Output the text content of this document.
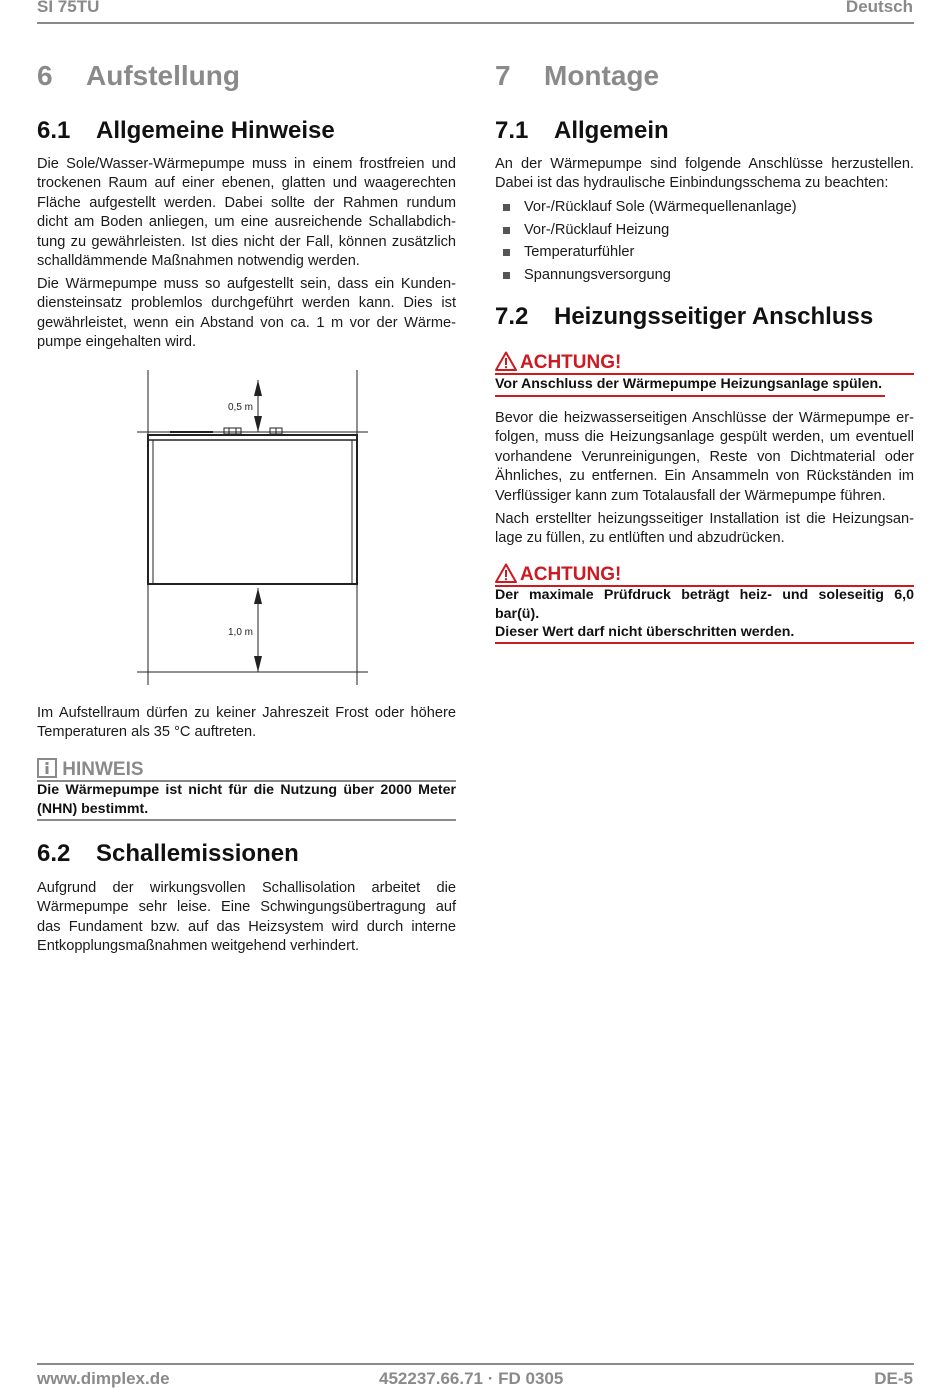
SI 75TU	Deutsch
6 Aufstellung
6.1 Allgemeine Hinweise
Die Sole/Wasser-Wärmepumpe muss in einem frostfreien und
trockenen Raum auf einer ebenen, glatten und waagerechten
Fläche aufgestellt werden. Dabei sollte der Rahmen rundum
dicht am Boden anliegen, um eine ausreichende Schallabdich-
tung zu gewährleisten. Ist dies nicht der Fall, können zusätzlich
schalldämmende Maßnahmen notwendig werden.
Die Wärmepumpe muss so aufgestellt sein, dass ein Kunden-
diensteinsatz problemlos durchgeführt werden kann. Dies ist
gewährleistet, wenn ein Abstand von ca. 1 m vor der Wärme-
pumpe eingehalten wird.
0,5 m
1,0 m
Im Aufstellraum dürfen zu keiner Jahreszeit Frost oder höhere
Temperaturen als 35 °C auftreten.
HINWEIS
Die Wärmepumpe ist nicht für die Nutzung über 2000 Meter
(NHN) bestimmt.
6.2 Schallemissionen
Aufgrund der wirkungsvollen Schallisolation arbeitet die
Wärmepumpe sehr leise. Eine Schwingungsübertragung auf
das Fundament bzw. auf das Heizsystem wird durch interne
Entkopplungsmaßnahmen weitgehend verhindert.
7 Montage
7.1 Allgemein
An der Wärmepumpe sind folgende Anschlüsse herzustellen.
Dabei ist das hydraulische Einbindungsschema zu beachten:
Vor-/Rücklauf Sole (Wärmequellenanlage)
Vor-/Rücklauf Heizung
Temperaturfühler
Spannungsversorgung
7.2 Heizungsseitiger Anschluss
ACHTUNG!
Vor Anschluss der Wärmepumpe Heizungsanlage spülen.
Bevor die heizwasserseitigen Anschlüsse der Wärmepumpe er-
folgen, muss die Heizungsanlage gespült werden, um eventuell
vorhandene Verunreinigungen, Reste von Dichtmaterial oder
Ähnliches, zu entfernen. Ein Ansammeln von Rückständen im
Verflüssiger kann zum Totalausfall der Wärmepumpe führen.
Nach erstellter heizungsseitiger Installation ist die Heizungsan-
lage zu füllen, zu entlüften und abzudrücken.
ACHTUNG!
Der maximale Prüfdruck beträgt heiz- und soleseitig 6,0
bar(ü).
Dieser Wert darf nicht überschritten werden.
www.dimplex.de	452237.66.71 · FD 0305	DE-5
